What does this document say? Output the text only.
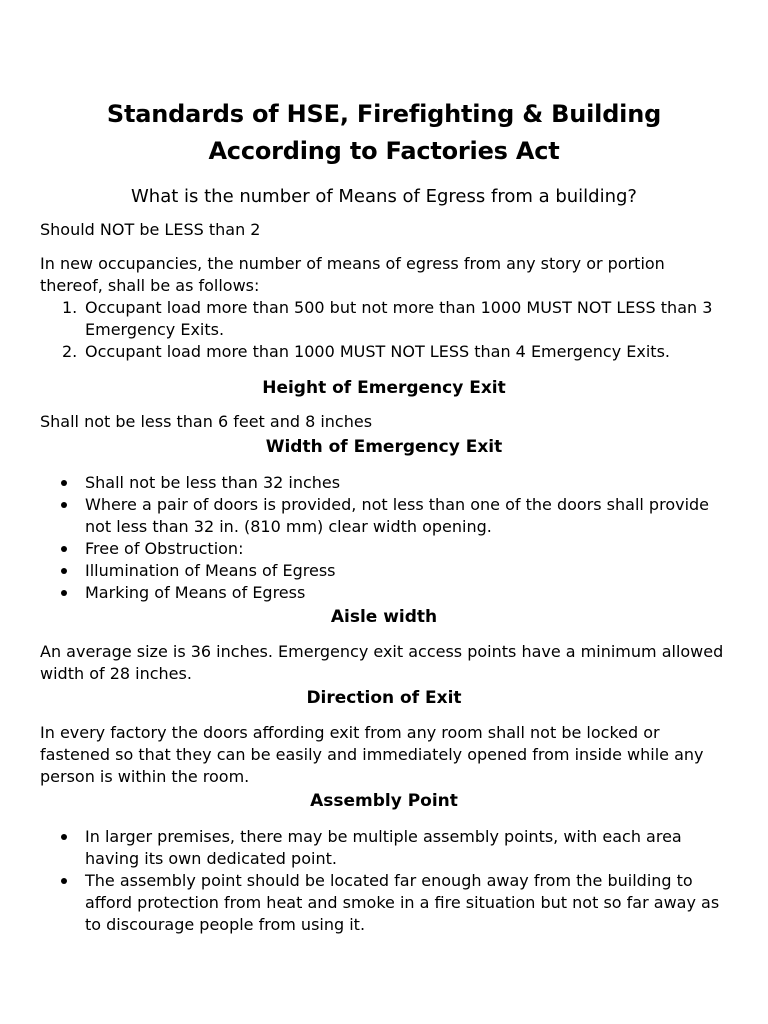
Standards of HSE, Firefighting & Building According to Factories Act

What is the number of Means of Egress from a building?

Should NOT be LESS than 2

In new occupancies, the number of means of egress from any story or portion thereof, shall be as follows:

1. Occupant load more than 500 but not more than 1000 MUST NOT LESS than 3 Emergency Exits.
2. Occupant load more than 1000 MUST NOT LESS than 4 Emergency Exits.
Height of Emergency Exit

Shall not be less than 6 feet and 8 inches

Width of Emergency Exit
Shall not be less than 32 inches
Where a pair of doors is provided, not less than one of the doors shall provide not less than 32 in. (810 mm) clear width opening.
Free of Obstruction:
Illumination of Means of Egress
Marking of Means of Egress
Aisle width

An average size is 36 inches. Emergency exit access points have a minimum allowed width of 28 inches.

Direction of Exit

In every factory the doors affording exit from any room shall not be locked or fastened so that they can be easily and immediately opened from inside while any person is within the room.

Assembly Point
In larger premises, there may be multiple assembly points, with each area having its own dedicated point.
The assembly point should be located far enough away from the building to afford protection from heat and smoke in a fire situation but not so far away as to discourage people from using it.
